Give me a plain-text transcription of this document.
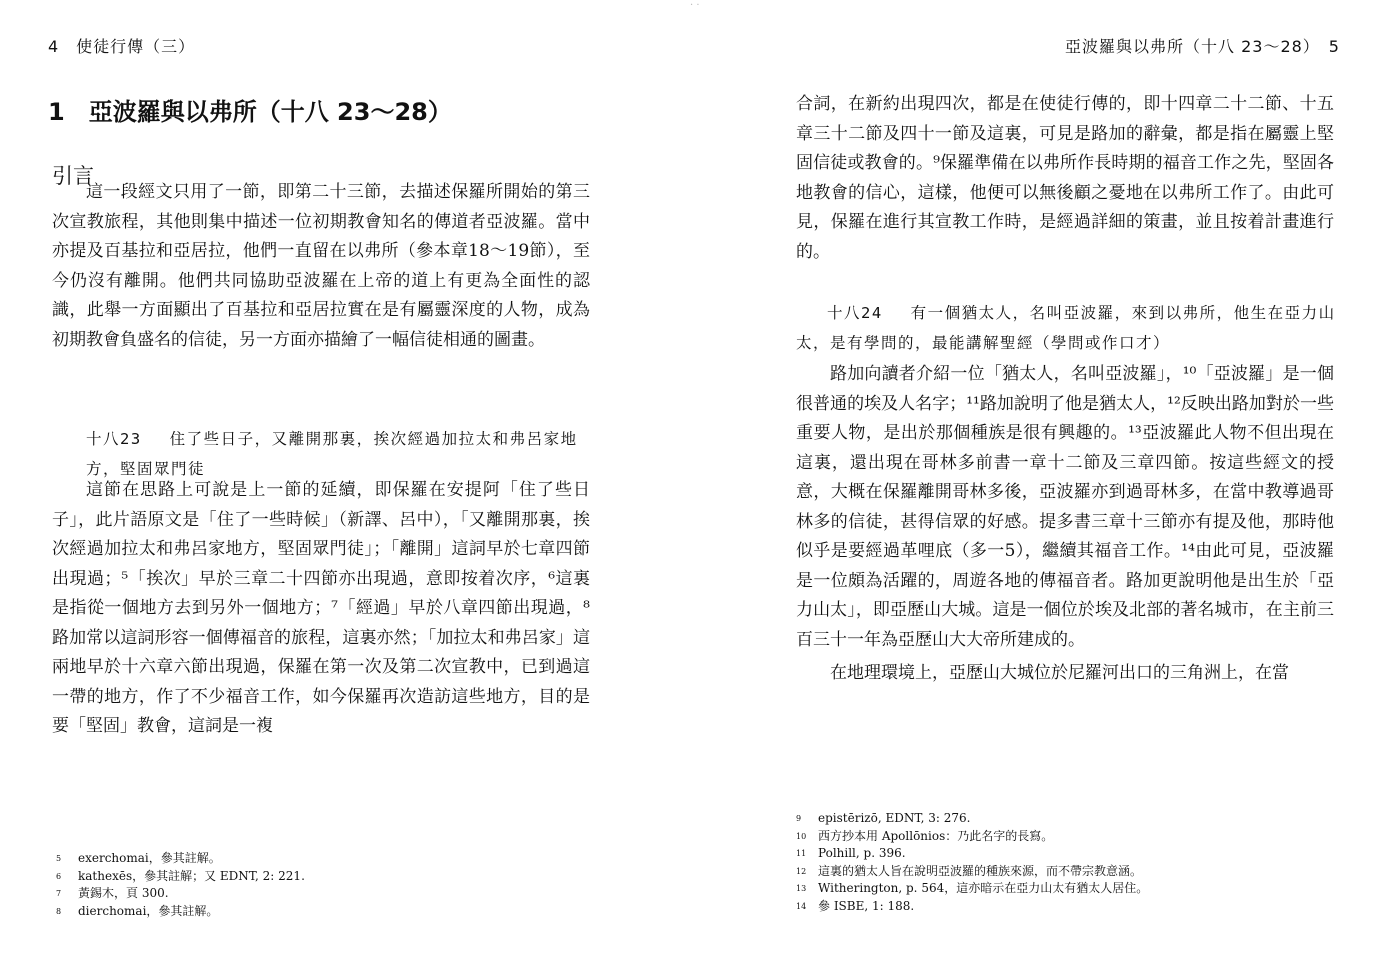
4　使徒行傳（三）
1　亞波羅與以弗所（十八 23～28）
引言

這一段經文只用了一節，即第二十三節，去描述保羅所開始的第三次宣教旅程，其他則集中描述一位初期教會知名的傳道者亞波羅。當中亦提及百基拉和亞居拉，他們一直留在以弗所（參本章18～19節），至今仍沒有離開。他們共同協助亞波羅在上帝的道上有更為全面性的認識，此舉一方面顯出了百基拉和亞居拉實在是有屬靈深度的人物，成為初期教會負盛名的信徒，另一方面亦描繪了一幅信徒相通的圖畫。

十八23 住了些日子，又離開那裏，挨次經過加拉太和弗呂家地方，堅固眾門徒

這節在思路上可說是上一節的延續，即保羅在安提阿「住了些日子」，此片語原文是「住了一些時候」（新譯、呂中），「又離開那裏，挨次經過加拉太和弗呂家地方，堅固眾門徒」；「離開」這詞早於七章四節出現過；⁵「挨次」早於三章二十四節亦出現過，意即按着次序，⁶這裏是指從一個地方去到另外一個地方；⁷「經過」早於八章四節出現過，⁸路加常以這詞形容一個傳福音的旅程，這裏亦然；「加拉太和弗呂家」這兩地早於十六章六節出現過，保羅在第一次及第二次宣教中，已到過這一帶的地方，作了不少福音工作，如今保羅再次造訪這些地方，目的是要「堅固」教會，這詞是一複

$^5$ exerchomai，參其註解。
$^6$ kathexēs，參其註解；又 EDNT, 2: 221.
$^7$ 黃錫木，頁 300.
$^8$ dierchomai，參其註解。
· ·
亞波羅與以弗所（十八 23～28）　5

合詞，在新約出現四次，都是在使徒行傳的，即十四章二十二節、十五章三十二節及四十一節及這裏，可見是路加的辭彙，都是指在屬靈上堅固信徒或教會的。⁹保羅準備在以弗所作長時期的福音工作之先，堅固各地教會的信心，這樣，他便可以無後顧之憂地在以弗所工作了。由此可見，保羅在進行其宣教工作時，是經過詳細的策畫，並且按着計畫進行的。

十八24 有一個猶太人，名叫亞波羅，來到以弗所，他生在亞力山太，是有學問的，最能講解聖經（學問或作口才）

路加向讀者介紹一位「猶太人，名叫亞波羅」，¹⁰「亞波羅」是一個很普通的埃及人名字；¹¹路加說明了他是猶太人，¹²反映出路加對於一些重要人物，是出於那個種族是很有興趣的。¹³亞波羅此人物不但出現在這裏，還出現在哥林多前書一章十二節及三章四節。按這些經文的授意，大概在保羅離開哥林多後，亞波羅亦到過哥林多，在當中教導過哥林多的信徒，甚得信眾的好感。提多書三章十三節亦有提及他，那時他似乎是要經過革哩底（多一5），繼續其福音工作。¹⁴由此可見，亞波羅是一位頗為活躍的，周遊各地的傳福音者。路加更說明他是出生於「亞力山太」，即亞歷山大城。這是一個位於埃及北部的著名城市，在主前三百三十一年為亞歷山大大帝所建成的。

在地理環境上，亞歷山大城位於尼羅河出口的三角洲上，在當

$^9$ epistērizō, EDNT, 3: 276.
$^{10}$ 西方抄本用 Apollōnios：乃此名字的長寫。
$^{11}$ Polhill, p. 396.
$^{12}$ 這裏的猶太人旨在說明亞波羅的種族來源，而不帶宗教意涵。
$^{13}$ Witherington, p. 564，這亦暗示在亞力山太有猶太人居住。
$^{14}$ 參 ISBE, 1: 188.
